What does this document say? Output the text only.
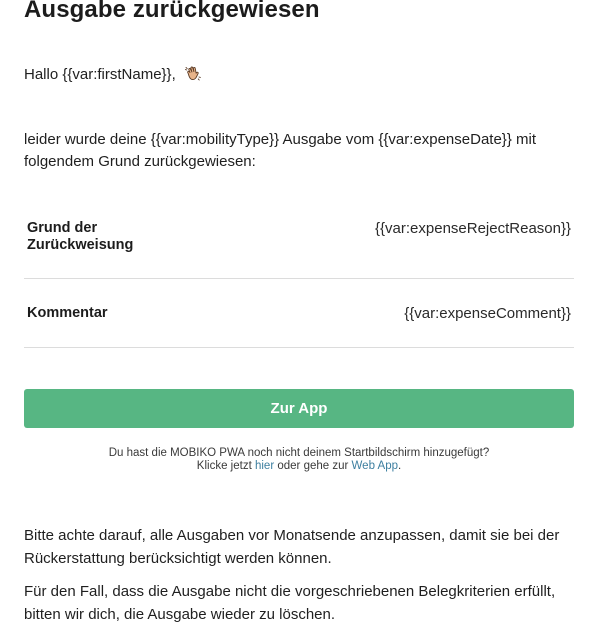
Ausgabe zurückgewiesen
Hallo {{var:firstName}},

leider wurde deine {{var:mobilityType}} Ausgabe vom {{var:expenseDate}} mit folgendem Grund zurückgewiesen:

Grund der Zurückweisung
{{var:expenseRejectReason}}
Kommentar	{{var:expenseComment}}
Zur App
Du hast die MOBIKO PWA noch nicht deinem Startbildschirm hinzugefügt?
Klicke jetzt hier oder gehe zur Web App.

Bitte achte darauf, alle Ausgaben vor Monatsende anzupassen, damit sie bei der Rückerstattung berücksichtigt werden können.

Für den Fall, dass die Ausgabe nicht die vorgeschriebenen Belegkriterien erfüllt, bitten wir dich, die Ausgabe wieder zu löschen.
